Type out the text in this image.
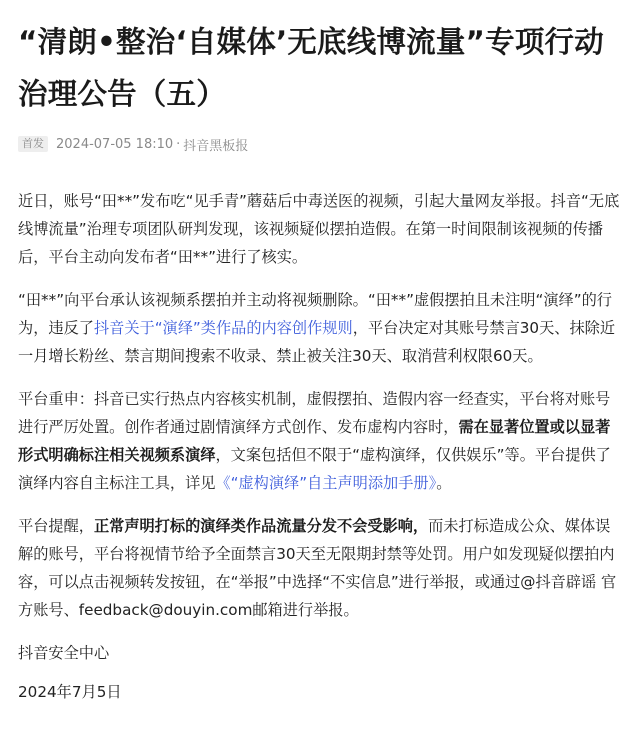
“清朗•整治‘自媒体’无底线博流量”专项行动治理公告（五）
首发 2024-07-05 18:10 · 抖音黑板报

近日，账号“田**”发布吃“见手青”蘑菇后中毒送医的视频，引起大量网友举报。抖音“无底线博流量”治理专项团队研判发现，该视频疑似摆拍造假。在第一时间限制该视频的传播后，平台主动向发布者“田**”进行了核实。

“田**”向平台承认该视频系摆拍并主动将视频删除。“田**”虚假摆拍且未注明“演绎”的行为，违反了抖音关于“演绎”类作品的内容创作规则，平台决定对其账号禁言30天、抹除近一月增长粉丝、禁言期间搜索不收录、禁止被关注30天、取消营利权限60天。

平台重申：抖音已实行热点内容核实机制，虚假摆拍、造假内容一经查实，平台将对账号进行严厉处置。创作者通过剧情演绎方式创作、发布虚构内容时，需在显著位置或以显著形式明确标注相关视频系演绎，文案包括但不限于“虚构演绎，仅供娱乐”等。平台提供了演绎内容自主标注工具，详见《“虚构演绎”自主声明添加手册》。

平台提醒，正常声明打标的演绎类作品流量分发不会受影响，而未打标造成公众、媒体误解的账号，平台将视情节给予全面禁言30天至无限期封禁等处罚。用户如发现疑似摆拍内容，可以点击视频转发按钮，在“举报”中选择“不实信息”进行举报，或通过@抖音辟谣 官方账号、feedback@douyin.com邮箱进行举报。

抖音安全中心

2024年7月5日
